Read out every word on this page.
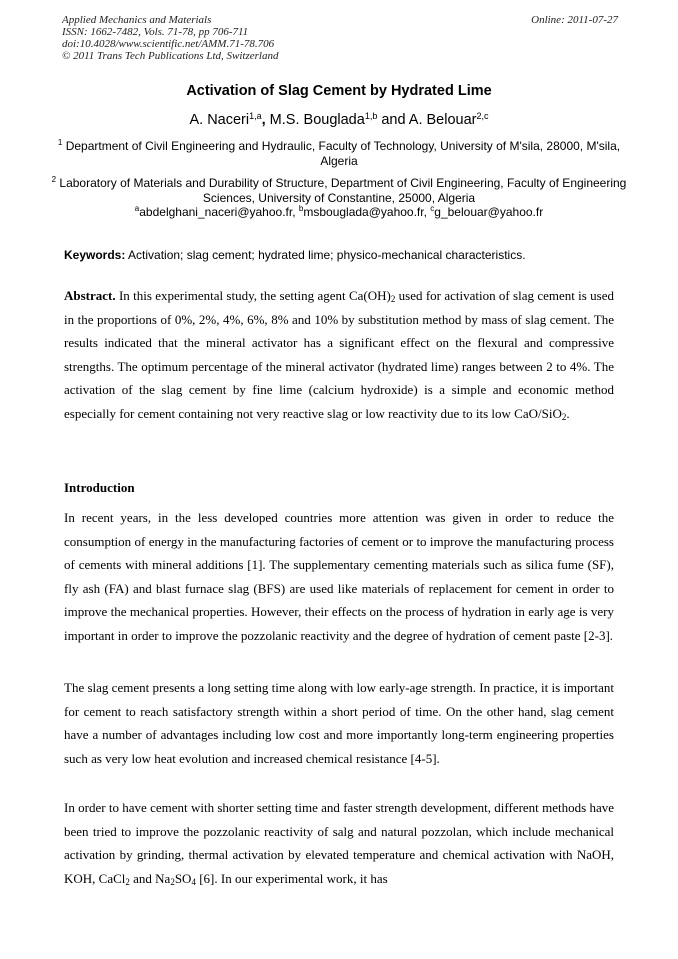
Applied Mechanics and Materials
ISSN: 1662-7482, Vols. 71-78, pp 706-711
doi:10.4028/www.scientific.net/AMM.71-78.706
© 2011 Trans Tech Publications Ltd, Switzerland
Online: 2011-07-27
Activation of Slag Cement by Hydrated Lime
A. Naceri$^{1,a}$, M.S. Bouglada$^{1,b}$ and A. Belouar$^{2,c}$
$^1$ Department of Civil Engineering and Hydraulic, Faculty of Technology, University of M'sila, 28000, M'sila, Algeria
$^2$ Laboratory of Materials and Durability of Structure, Department of Civil Engineering, Faculty of Engineering Sciences, University of Constantine, 25000, Algeria
$^a$abdelghani_naceri@yahoo.fr, $^b$msbouglada@yahoo.fr, $^c$g_belouar@yahoo.fr
Keywords: Activation; slag cement; hydrated lime; physico-mechanical characteristics.
Abstract. In this experimental study, the setting agent $Ca(OH)_2$ used for activation of slag cement is used in the proportions of 0%, 2%, 4%, 6%, 8% and 10% by substitution method by mass of slag cement. The results indicated that the mineral activator has a significant effect on the flexural and compressive strengths. The optimum percentage of the mineral activator (hydrated lime) ranges between 2 to 4%. The activation of the slag cement by fine lime (calcium hydroxide) is a simple and economic method especially for cement containing not very reactive slag or low reactivity due to its low CaO/SiO$_2$.
Introduction
In recent years, in the less developed countries more attention was given in order to reduce the consumption of energy in the manufacturing factories of cement or to improve the manufacturing process of cements with mineral additions [1]. The supplementary cementing materials such as silica fume (SF), fly ash (FA) and blast furnace slag (BFS) are used like materials of replacement for cement in order to improve the mechanical properties. However, their effects on the process of hydration in early age is very important in order to improve the pozzolanic reactivity and the degree of hydration of cement paste [2-3].
The slag cement presents a long setting time along with low early-age strength. In practice, it is important for cement to reach satisfactory strength within a short period of time. On the other hand, slag cement have a number of advantages including low cost and more importantly long-term engineering properties such as very low heat evolution and increased chemical resistance [4-5].
In order to have cement with shorter setting time and faster strength development, different methods have been tried to improve the pozzolanic reactivity of salg and natural pozzolan, which include mechanical activation by grinding, thermal activation by elevated temperature and chemical activation with NaOH, KOH, CaCl$_2$ and $Na_2SO_4$ [6]. In our experimental work, it has
